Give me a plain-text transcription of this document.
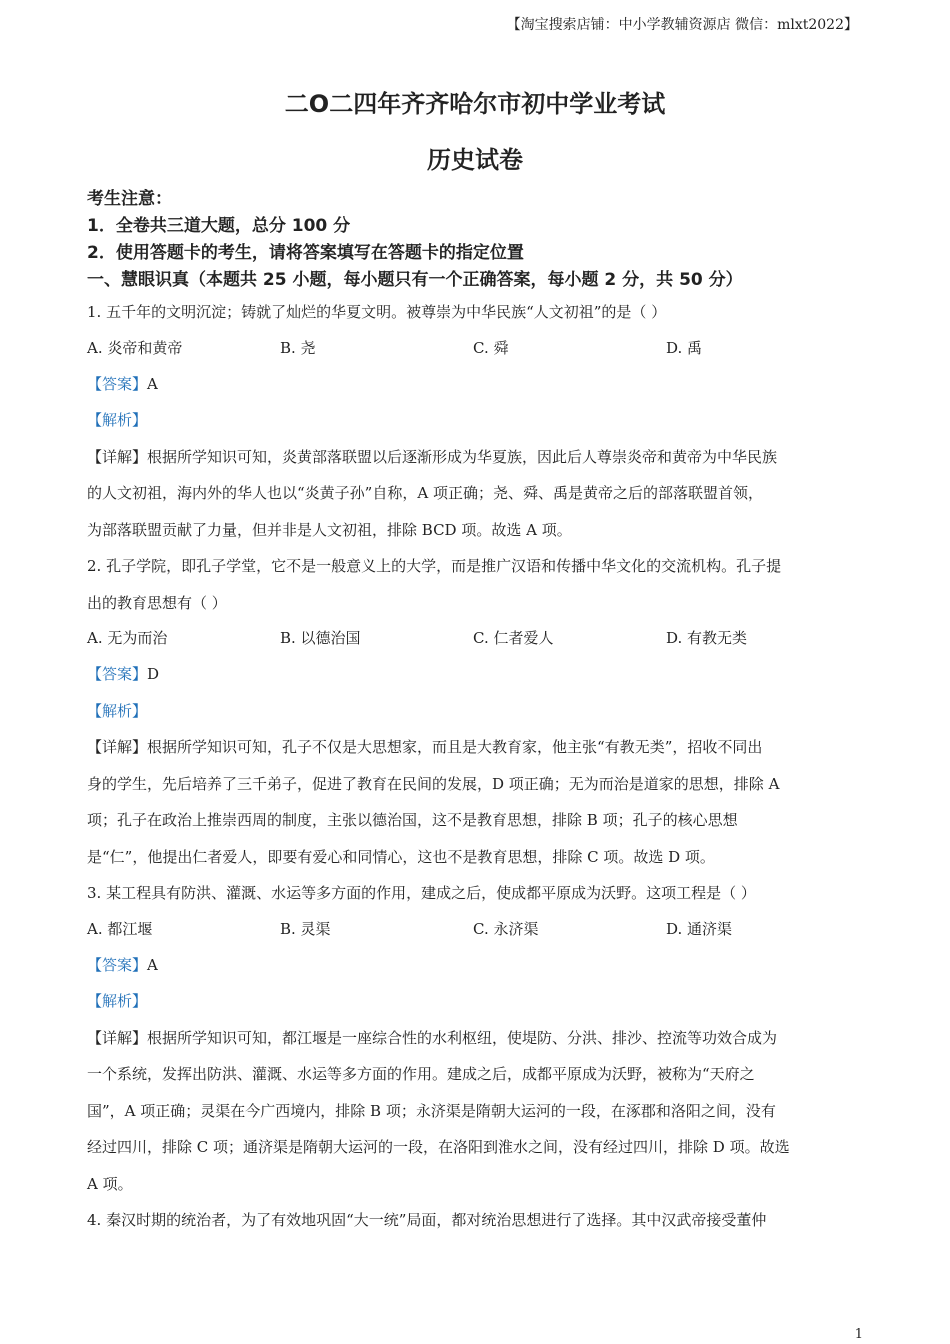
【淘宝搜索店铺：中小学教辅资源店 微信：mlxt2022】
二O二四年齐齐哈尔市初中学业考试
历史试卷
考生注意：
1．全卷共三道大题，总分 100 分
2．使用答题卡的考生，请将答案填写在答题卡的指定位置
一、慧眼识真（本题共 25 小题，每小题只有一个正确答案，每小题 2 分，共 50 分）
1. 五千年的文明沉淀；铸就了灿烂的华夏文明。被尊崇为中华民族“人文初祖”的是（ ）
A. 炎帝和黄帝	B. 尧	C. 舜	D. 禹
【答案】A
【解析】
【详解】根据所学知识可知，炎黄部落联盟以后逐渐形成为华夏族，因此后人尊崇炎帝和黄帝为中华民族
的人文初祖，海内外的华人也以“炎黄子孙”自称，A 项正确；尧、舜、禹是黄帝之后的部落联盟首领，
为部落联盟贡献了力量，但并非是人文初祖，排除 BCD 项。故选 A 项。
2. 孔子学院，即孔子学堂，它不是一般意义上的大学，而是推广汉语和传播中华文化的交流机构。孔子提
出的教育思想有（ ）
A. 无为而治	B. 以德治国	C. 仁者爱人	D. 有教无类
【答案】D
【解析】
【详解】根据所学知识可知，孔子不仅是大思想家，而且是大教育家，他主张“有教无类”，招收不同出
身的学生，先后培养了三千弟子，促进了教育在民间的发展，D 项正确；无为而治是道家的思想，排除 A
项；孔子在政治上推崇西周的制度，主张以德治国，这不是教育思想，排除 B 项；孔子的核心思想
是“仁”，他提出仁者爱人，即要有爱心和同情心，这也不是教育思想，排除 C 项。故选 D 项。
3. 某工程具有防洪、灌溉、水运等多方面的作用，建成之后，使成都平原成为沃野。这项工程是（ ）
A. 都江堰	B. 灵渠	C. 永济渠	D. 通济渠
【答案】A
【解析】
【详解】根据所学知识可知，都江堰是一座综合性的水利枢纽，使堤防、分洪、排沙、控流等功效合成为
一个系统，发挥出防洪、灌溉、水运等多方面的作用。建成之后，成都平原成为沃野，被称为“天府之
国”，A 项正确；灵渠在今广西境内，排除 B 项；永济渠是隋朝大运河的一段，在涿郡和洛阳之间，没有
经过四川，排除 C 项；通济渠是隋朝大运河的一段，在洛阳到淮水之间，没有经过四川，排除 D 项。故选
A 项。
4. 秦汉时期的统治者，为了有效地巩固“大一统”局面，都对统治思想进行了选择。其中汉武帝接受董仲
1
